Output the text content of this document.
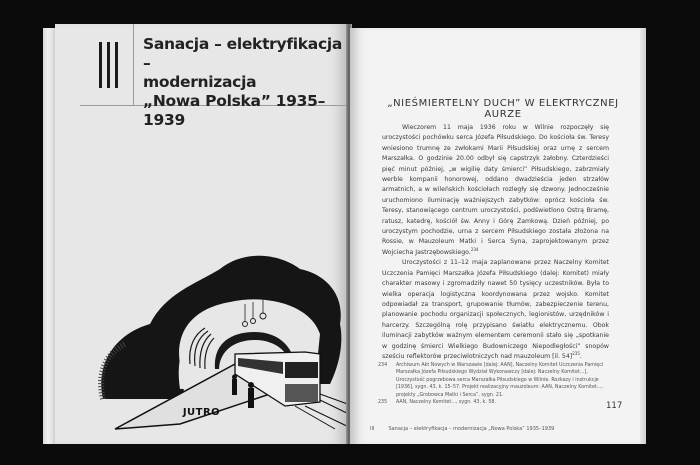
Sanacja – elektryfikacja –
modernizacja
„Nowa Polska” 1935–1939
JUTRO
„NIEŚMIERTELNY DUCH” W ELEKTRYCZNEJ AURZE

Wieczorem 11 maja 1936 roku w Wilnie rozpoczęły się uroczystości pochówku serca Józefa Piłsudskiego. Do kościoła św. Teresy wniesiono trumnę ze zwłokami Marii Piłsudskiej oraz urnę z sercem Marszałka. O godzinie 20.00 odbył się capstrzyk żałobny. Czterdzieści pięć minut później, „w wigilię daty śmierci” Piłsudskiego, zabrzmiały werble kompanii honorowej, oddano dwadzieścia jeden strzałów armatnich, a w wileńskich kościołach rozległy się dzwony. Jednocześnie uruchomiono iluminację ważniejszych zabytków: oprócz kościoła św. Teresy, stanowiącego centrum uroczystości, podświetlono Ostrą Bramę, ratusz, katedrę, kościół św. Anny i Górę Zamkową. Dzień później, po uroczystym pochodzie, urna z sercem Piłsudskiego została złożona na Rossie, w Mauzoleum Matki i Serca Syna, zaprojektowanym przez Wojciecha Jastrzębowskiego.$^{234}$

Uroczystości z 11–12 maja zaplanowane przez Naczelny Komitet Uczczenia Pamięci Marszałka Józefa Piłsudskiego (dalej: Komitet) miały charakter masowy i zgromadziły nawet 50 tysięcy uczestników. Była to wielka operacja logistyczna koordynowana przez wojsko. Komitet odpowiadał za transport, grupowanie tłumów, zabezpieczenie terenu, planowanie pochodu organizacji społecznych, legionistów, urzędników i harcerzy. Szczególną rolę przypisano światłu elektrycznemu. Obok iluminacji zabytków ważnym elementem ceremonii stało się „spotkanie w godzinę śmierci Wielkiego Budowniczego Niepodległości” snopów sześciu reflektorów przeciwlotniczych nad mauzoleum [il. 54]$^{235}$.

234	Archiwum Akt Nowych w Warszawie [dalej: AAN], Naczelny Komitet Uczczenia Pamięci Marszałka Józefa Piłsudskiego Wydział Wykonawczy [dalej: Naczelny Komitet...], Uroczystość pogrzebowa serca Marszałka Piłsudskiego w Wilnie. Rozkazy i instrukcje [1936], sygn. 43, k. 15–57. Projekt realizacyjny mauzoleum: AAN, Naczelny Komitet..., projekty „Grobowca Matki i Serca”, sygn. 21.
235	AAN, Naczelny Komitet..., sygn. 43, k. 58.	117
III	Sanacja – elektryfikacja – modernizacja „Nowa Polska” 1935–1939
